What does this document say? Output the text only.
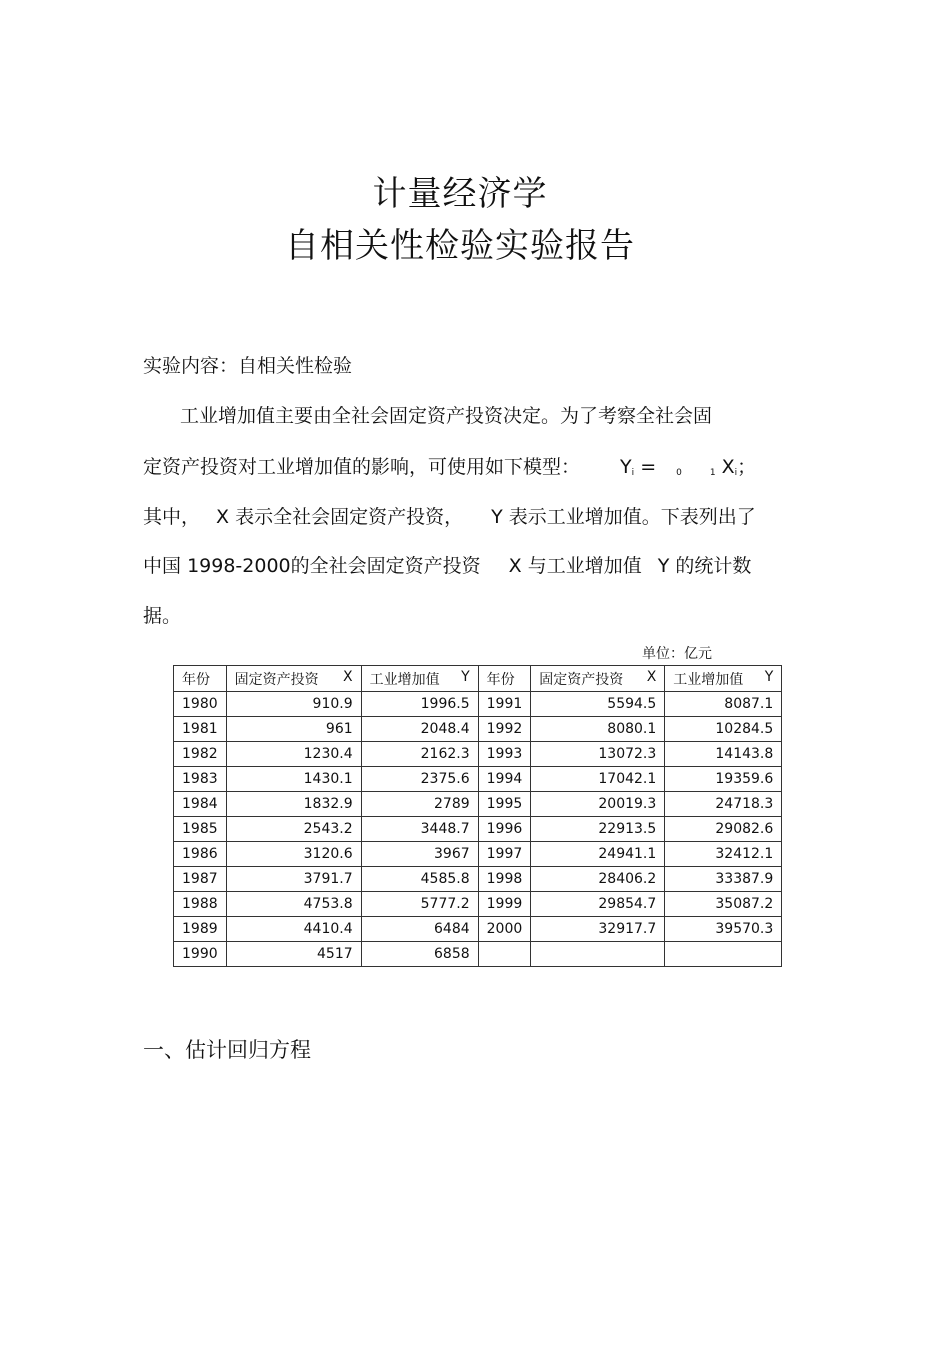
计量经济学
自相关性检验实验报告

实验内容：自相关性检验

工业增加值主要由全社会固定资产投资决定。为了考察全社会固

定资产投资对工业增加值的影响，可使用如下模型： $Y_i = _0$	$_1$ $X_i$；

其中， X 表示全社会固定资产投资， Y 表示工业增加值。下表列出了

中国 1998-2000的全社会固定资产投资 X 与工业增加值 Y 的统计数

据。

单位：亿元

年份	固定资产投资 X	工业增加值 Y	年份	固定资产投资 X	工业增加值 Y

1980	910.9	1996.5	1991	5594.5	8087.1
1981	961	2048.4	1992	8080.1	10284.5
1982	1230.4	2162.3	1993	13072.3	14143.8
1983	1430.1	2375.6	1994	17042.1	19359.6
1984	1832.9	2789	1995	20019.3	24718.3
1985	2543.2	3448.7	1996	22913.5	29082.6
1986	3120.6	3967	1997	24941.1	32412.1
1987	3791.7	4585.8	1998	28406.2	33387.9
1988	4753.8	5777.2	1999	29854.7	35087.2
1989	4410.4	6484	2000	32917.7	39570.3
1990	4517	6858			

一、估计回归方程
